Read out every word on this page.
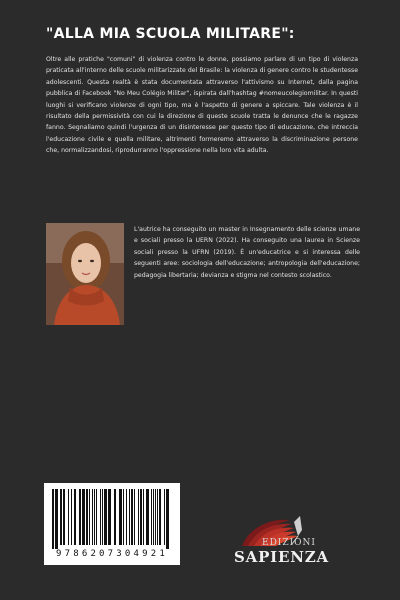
"ALLA MIA SCUOLA MILITARE":
Oltre alle pratiche "comuni" di violenza contro le donne, possiamo parlare di un tipo di violenza praticata all'interno delle scuole militarizzate del Brasile: la violenza di genere contro le studentesse adolescenti. Questa realtà è stata documentata attraverso l'attivismo su Internet, dalla pagina pubblica di Facebook "No Meu Colégio Militar", ispirata dall'hashtag #nomeucolegiomilitar. In questi luoghi si verificano violenze di ogni tipo, ma è l'aspetto di genere a spiccare. Tale violenza è il risultato della permissività con cui la direzione di queste scuole tratta le denunce che le ragazze fanno. Segnaliamo quindi l'urgenza di un disinteresse per questo tipo di educazione, che intreccia l'educazione civile e quella militare, altrimenti formeremo attraverso la discriminazione persone che, normalizzandosi, riprodurranno l'oppressione nella loro vita adulta.
L'autrice ha conseguito un master in Insegnamento delle scienze umane e sociali presso la UERN (2022). Ha conseguito una laurea in Scienze sociali presso la UFRN (2019). È un'educatrice e si interessa delle seguenti aree: sociologia dell'educazione; antropologia dell'educazione; pedagogia libertaria; devianza e stigma nel contesto scolastico.
9786207304921
EDIZIONI
SAPIENZA
